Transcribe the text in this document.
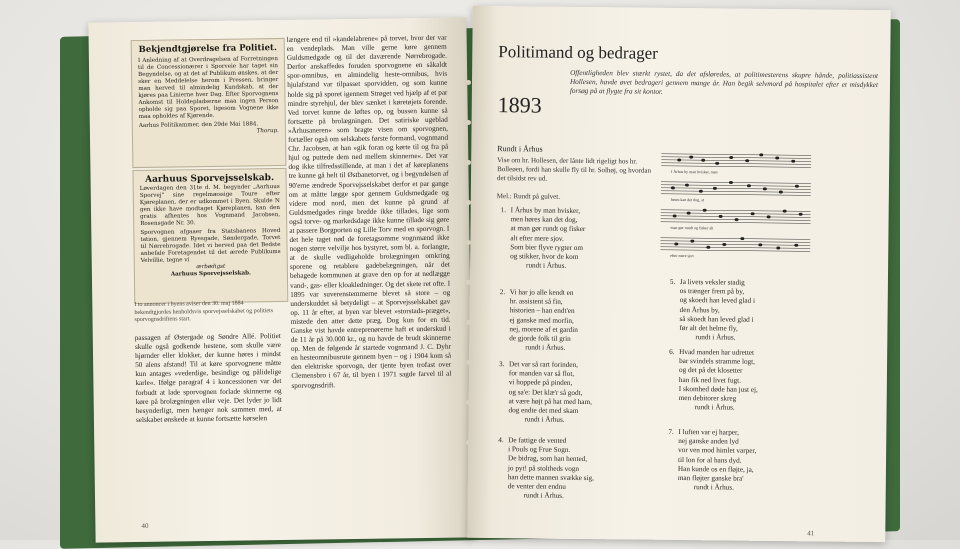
Bekjendtgjørelse fra Politiet.
I Anledning af at Overdragelsen af Forretningen til de Concessionærer i Sporveie har taget sin Begyndelse, og at det af Publikum ønskes, at der sker en Meddelelse herom i Pressen, bringer man herved til almindelig Kundskab, at der kjøres paa Linierne hver Dag. Efter Sporvognens Ankomst til Holdepladserne maa ingen Person opholde sig paa Sporet, ligesom Vognene ikke maa opholdes af Kjørende.
Aarhus Politikammer, den 29de Mai 1884.
Thorup.
Aarhuus Sporvejsselskab.
Løverdagen den 31te d. M. begynder „Aarhuus Sporvej" sine regelmæssige Toure efter Kjøreplanen, der er udkommet i Byen. Skulde N gen ikke have modtaget Kjøreplanen, kan den gratis afhentes hos Vognmand Jacobsen, Rosensgade Nr. 30.
Sporvognen afgaaer fra Statsbanens Hoved tation, gjennem Ryesgade, Søndergade, Torvet til Nørrebrogade. Idet vi herved paa det Bedste anbefale Foretagendet til det ærede Publikums Velvillie, tegne vi
ærbødigst
Aarhuus Sporvejsselskab.
I to annoncer i byens aviser den 30. maj 1884 bekendtgjordes henholdsvis sporvejsselskabet og politiets sporvognsdriftens start.

passagen af Østergade og Søndre Allé. Politiet skulle også godkende hestene, som skulle være hjørnder eller klokker, der kunne høres i mindst 50 alens afstand! Til at køre sporvognene måtte kun antages »vederdige, besindige og pålidelige karle«. Ifølge paragraf 4 i koncessionen var det forbudt at lade sporvognen forlade skinnerne og køre på brolægningen eller veje. Det lyder jo lidt besynderligt, men hænger nok sammen med, at selskabet ønskede at kunne fortsætte kørselen

længere end til »kandelabrene« på torvet, hvor der var en vendeplads. Man ville gerne køre gennem Guldsmedgade og til det daværende Nørrebrogade. Derfor anskaffedes foruden sporvognene en såkaldt spor-omnibus, en almindelig heste-omnibus, hvis hjulafstand var tilpasset sporvidden, og som kunne holde sig på sporet igennem Strøget ved hjælp af et par mindre styrehjul, der blev sænket i køretøjets forende. Ved torvet kunne de løftes op, og bussen kunne så fortsætte på brolægningen. Det satiriske ugeblad »Århusaneren« som bragte visen om sporvognen, fortæller også om selskabets første formand, vognmand Chr. Jacobsen, at han »gik foran og kørte til og fra på hjul og puttede dem ned mellem skinnerne«. Det var dog ikke tilfredsstillende, at man i det af køreplanens tre kunne gå helt til Østbanetorvet, og i begyndelsen af 90'erne ændrede Sporvejsselskabet derfor et par gange om at måtte lægge spor gennem Guldsmedgade og videre mod nord, men det kunne på grund af Guldsmedgades ringe bredde ikke tillades, lige som også torve- og markedsdage ikke kunne tillade sig gøre at passere Borgporten og Lille Torv med en sporvogn. I det hele taget nød de foretagsomme vognmænd ikke nogen større velvilje hos bystyret, som bl. a. forlangte, at de skulle vedligeholde brolægningen omkring sporene og retablere gadebelægningen, når det behagede kommunen at grave den op for at nedlægge vand-, gas- eller kloakledninger. Og det skete ret ofte. I 1895 var suverenstemmerne blevet så store – og underskuddet så betydeligt – at Sporvejsselskabet gav op. 11 år efter, at byen var blevet »storstads-præget«, mistede den atter dette præg. Dog kun for en tid. Ganske vist havde entreprenørerne haft et underskud i de 11 år på 30.000 kr., og nu havde de brudt skinnerne op. Men de følgende år startede vognmand J. C. Dyhr en hesteomnibusrute gennem byen – og i 1904 kom så den elektriske sporvogn, der tjente byen trofast over Clemensbro i 67 år, til byen i 1971 sagde farvel til al sporvognsdrift.

40
Politimand og bedrager
Offentligheden blev stærkt rystet, da det afsløredes, at politimesterens skupre hånde, politiassistent Hollesen, havde øvet bedrageri gennem mange år. Han begik selvmord på hospitalet efter et misdykket forsøg på at flygte fra sit kontor.
1893
Rundt i Århus
Vise om hr. Hollesen, der lånte lidt rigeligt hos hr. Bolleøen, fordi han skulle fly til hr. Solhøj, og hvordan det tilsidst rev ud.
Mel.: Rundt på gulvet.
I Århus by man hvisker, men
høres kan det dog, at
man gør rundt og fisker alt
efter mere sjov
1. I Århus by man hvisker,
men høres kan det dog,
at man gør rundt og fisker
alt efter mere sjov.
Som bier flyve rygter om
og stikker, hvor de kom
rundt i Århus.
2. Vi har jo alle kendt en
hr. assistent så fin,
historien – han endt'en
ej ganske med morfin,
nej, morene af et gardin
de gjorde folk til grin
rundt i Århus.
3. Det var så rart forinden,
for manden var så flot,
vi hoppede på pinden,
og sa'e: Det klæ'r så godt,
at være højt på hat med ham,
dog endte det med skam
rundt i Århus.
4. De fattige de vented
i Pouls og Frue Sogn.
De bidrag, som han hented,
jo pyt! på stoltheds vogn
han dette mannen svække sig,
de venter den endnu
rundt i Århus.
5. Ja livets veksler stadig
os trænger frem på by,
og skoedt han leved glad i
den Århus by,
så skoedt han leved glad i
før alt det helme fly,
rundt i Århus.
6. Hvad manden har udrettet
bar svindels stramme logt,
og det på det klosetter
han fik ned livet fugt.
I skomhed døde han just ej,
men debitorer skreg
rundt i Århus.
7. I luften var ej harper,
nej ganske anden lyd
vor ven mod himlet varper,
til lon for al hans dyd.
Han kunde os en fløjte, ja,
man fløjter ganske bra'
rundt i Århus.
41
